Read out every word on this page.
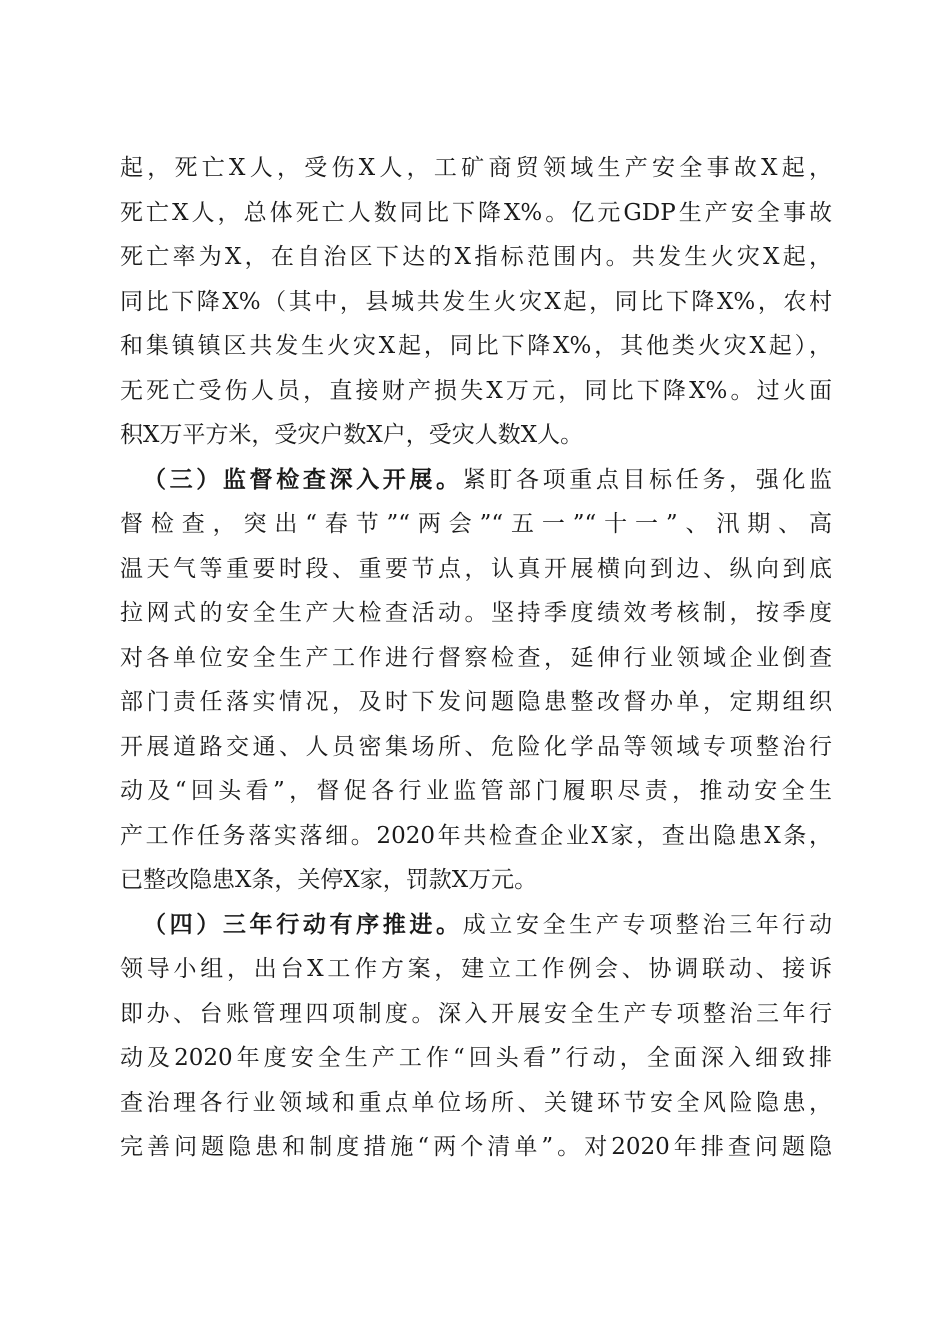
起，死亡X人，受伤X人，工矿商贸领域生产安全事故X起，
死亡X人，总体死亡人数同比下降X%。亿元GDP生产安全事故
死亡率为X，在自治区下达的X指标范围内。共发生火灾X起，
同比下降X%（其中，县城共发生火灾X起，同比下降X%，农村
和集镇镇区共发生火灾X起，同比下降X%，其他类火灾X起），
无死亡受伤人员，直接财产损失X万元，同比下降X%。过火面
积X万平方米，受灾户数X户，受灾人数X人。
（三）监督检查深入开展。紧盯各项重点目标任务，强化监
督检查，突出“春节”“两会”“五一”“十一”、汛期、高
温天气等重要时段、重要节点，认真开展横向到边、纵向到底
拉网式的安全生产大检查活动。坚持季度绩效考核制，按季度
对各单位安全生产工作进行督察检查，延伸行业领域企业倒查
部门责任落实情况，及时下发问题隐患整改督办单，定期组织
开展道路交通、人员密集场所、危险化学品等领域专项整治行
动及“回头看”，督促各行业监管部门履职尽责，推动安全生
产工作任务落实落细。2020年共检查企业X家，查出隐患X条，
已整改隐患X条，关停X家，罚款X万元。
（四）三年行动有序推进。成立安全生产专项整治三年行动
领导小组，出台X工作方案，建立工作例会、协调联动、接诉
即办、台账管理四项制度。深入开展安全生产专项整治三年行
动及2020年度安全生产工作“回头看”行动，全面深入细致排
查治理各行业领域和重点单位场所、关键环节安全风险隐患，
完善问题隐患和制度措施“两个清单”。对2020年排查问题隐
